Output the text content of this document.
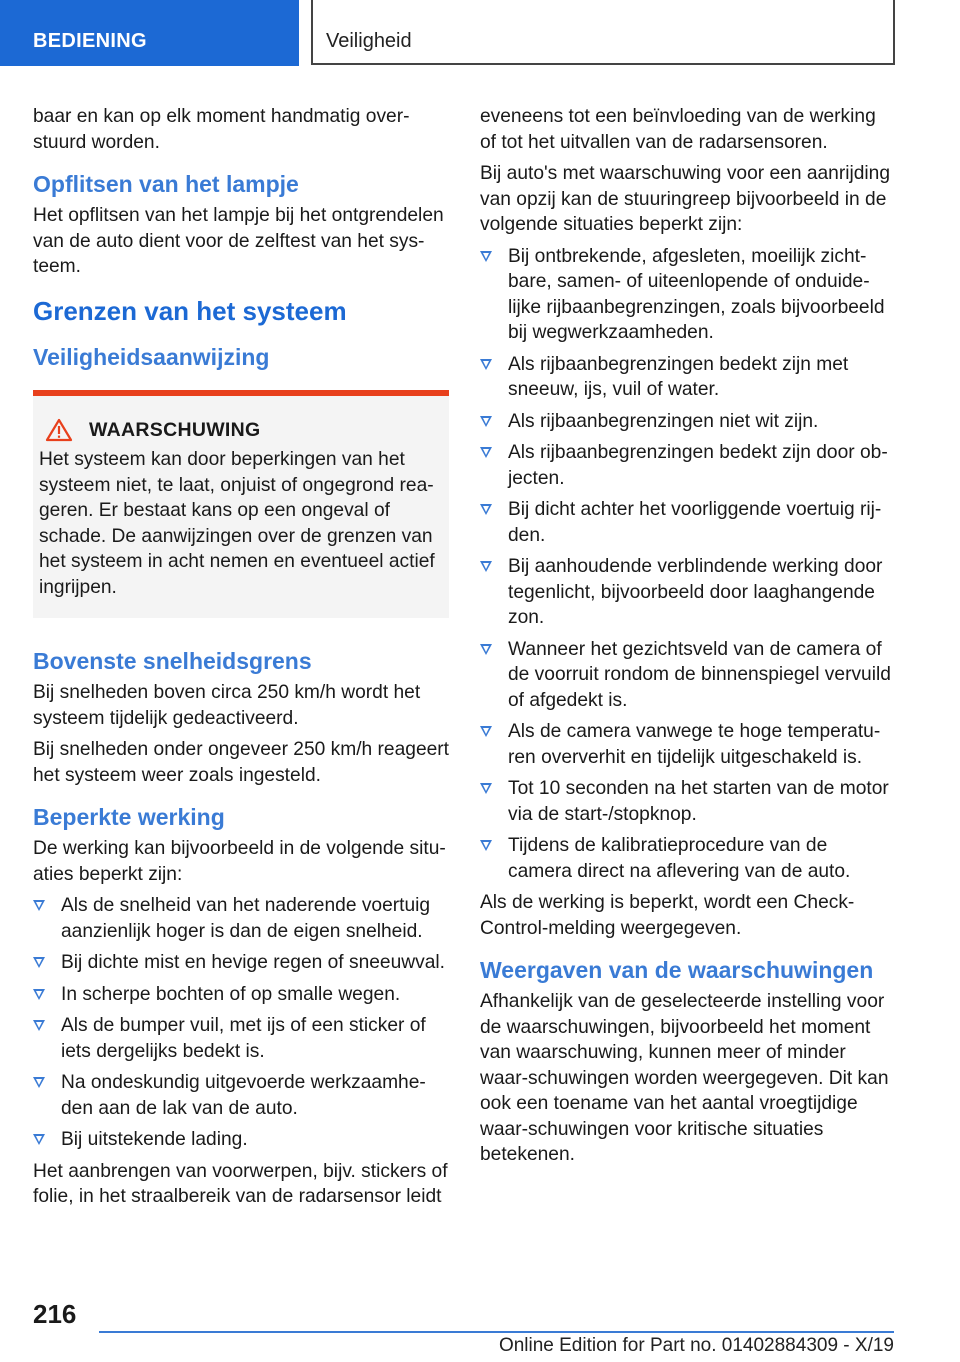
BEDIENING	Veiligheid

baar en kan op elk moment handmatig over-stuurd worden.

Opflitsen van het lampje

Het opflitsen van het lampje bij het ontgrendelen van de auto dient voor de zelftest van het sys-teem.

Grenzen van het systeem
Veiligheidsaanwijzing
WAARSCHUWING

Het systeem kan door beperkingen van het systeem niet, te laat, onjuist of ongegrond rea-geren. Er bestaat kans op een ongeval of schade. De aanwijzingen over de grenzen van het systeem in acht nemen en eventueel actief ingrijpen.

Bovenste snelheidsgrens

Bij snelheden boven circa 250 km/h wordt het systeem tijdelijk gedeactiveerd.

Bij snelheden onder ongeveer 250 km/h reageert het systeem weer zoals ingesteld.

Beperkte werking

De werking kan bijvoorbeeld in de volgende situ-aties beperkt zijn:

Als de snelheid van het naderende voertuig aanzienlijk hoger is dan de eigen snelheid.
Bij dichte mist en hevige regen of sneeuwval.
In scherpe bochten of op smalle wegen.
Als de bumper vuil, met ijs of een sticker of iets dergelijks bedekt is.
Na ondeskundig uitgevoerde werkzaamhe-den aan de lak van de auto.
Bij uitstekende lading.

Het aanbrengen van voorwerpen, bijv. stickers of folie, in het straalbereik van de radarsensor leidt

eveneens tot een beïnvloeding van de werking of tot het uitvallen van de radarsensoren.

Bij auto's met waarschuwing voor een aanrijding van opzij kan de stuuringreep bijvoorbeeld in de volgende situaties beperkt zijn:

Bij ontbrekende, afgesleten, moeilijk zicht-bare, samen- of uiteenlopende of onduide-lijke rijbaanbegrenzingen, zoals bijvoorbeeld bij wegwerkzaamheden.
Als rijbaanbegrenzingen bedekt zijn met sneeuw, ijs, vuil of water.
Als rijbaanbegrenzingen niet wit zijn.
Als rijbaanbegrenzingen bedekt zijn door ob-jecten.
Bij dicht achter het voorliggende voertuig rij-den.
Bij aanhoudende verblindende werking door tegenlicht, bijvoorbeeld door laaghangende zon.
Wanneer het gezichtsveld van de camera of de voorruit rondom de binnenspiegel vervuild of afgedekt is.
Als de camera vanwege te hoge temperatu-ren oververhit en tijdelijk uitgeschakeld is.
Tot 10 seconden na het starten van de motor via de start-/stopknop.
Tijdens de kalibratieprocedure van de camera direct na aflevering van de auto.

Als de werking is beperkt, wordt een Check-Control-melding weergegeven.

Weergaven van de waarschuwingen

Afhankelijk van de geselecteerde instelling voor de waarschuwingen, bijvoorbeeld het moment van waarschuwing, kunnen meer of minder waar-schuwingen worden weergegeven. Dit kan ook een toename van het aantal vroegtijdige waar-schuwingen voor kritische situaties betekenen.

216
Online Edition for Part no. 01402884309 - X/19
